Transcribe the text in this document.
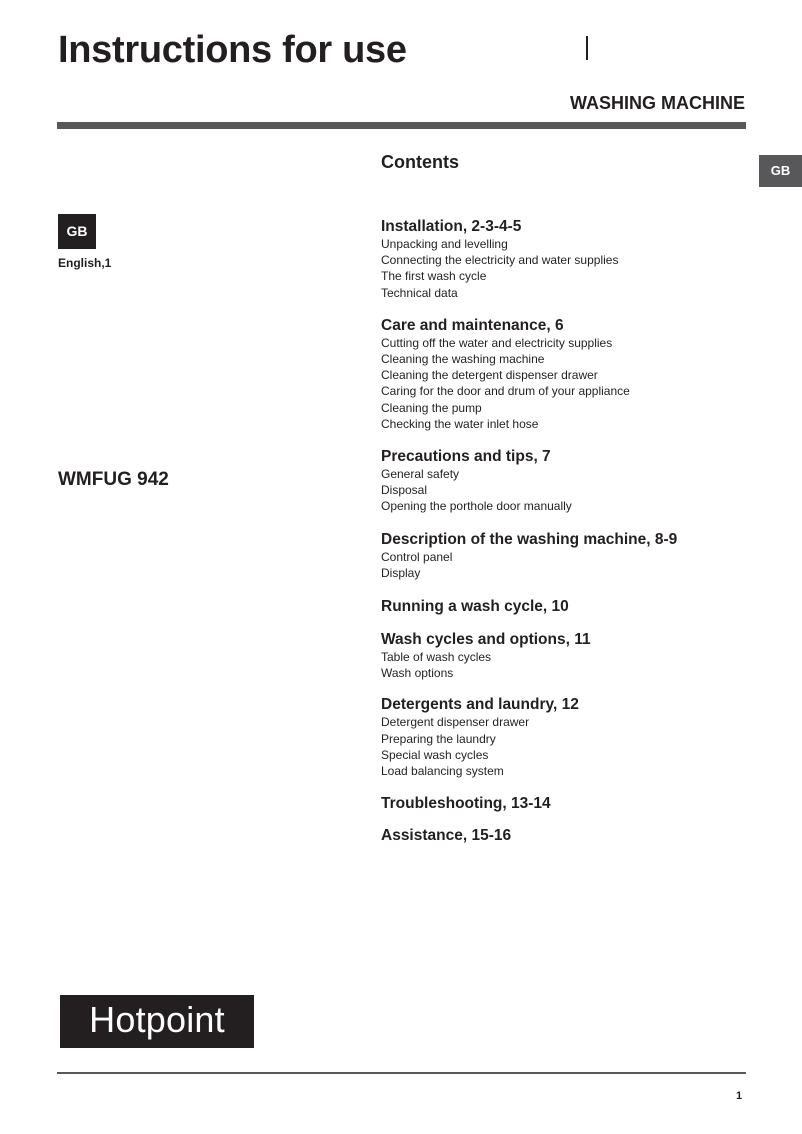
Instructions for use
WASHING MACHINE
GB
GB
English,1
WMFUG 942
Contents
Installation, 2-3-4-5
Unpacking and levelling
Connecting the electricity and water supplies
The first wash cycle
Technical data
Care and maintenance, 6
Cutting off the water and electricity supplies
Cleaning the washing machine
Cleaning the detergent dispenser drawer
Caring for the door and drum of your appliance
Cleaning the pump
Checking the water inlet hose
Precautions and tips, 7
General safety
Disposal
Opening the porthole door manually
Description of the washing machine, 8-9
Control panel
Display
Running a wash cycle, 10
Wash cycles and options, 11
Table of wash cycles
Wash options
Detergents and laundry, 12
Detergent dispenser drawer
Preparing the laundry
Special wash cycles
Load balancing system
Troubleshooting, 13-14
Assistance, 15-16
Hotpoint
1
